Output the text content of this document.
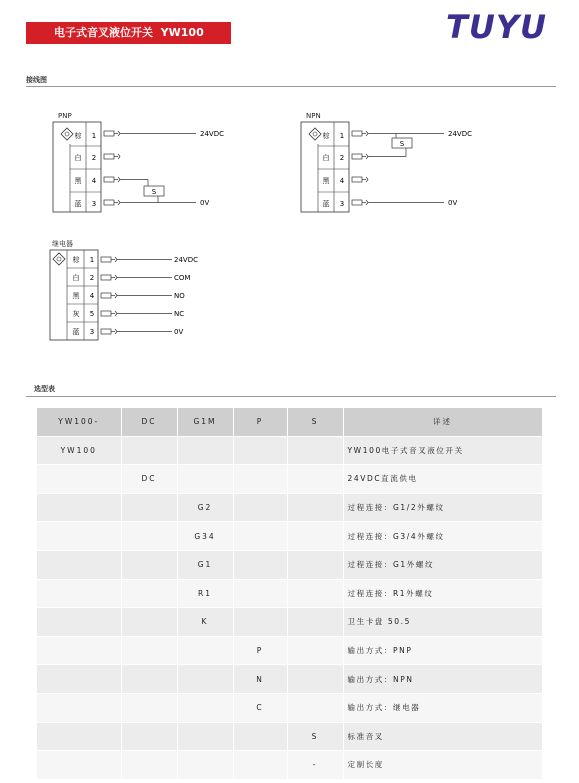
电子式音叉液位开关  YW100	TUYU
接线图
PNP
棕 1
白 2
黑 4
蓝 3
S
24VDC
0V
NPN
棕 1
白 2
黑 4
蓝 3
S
24VDC
0V
继电器
棕 1
白 2
黑 4
灰 5
蓝 3
24VDC
COM
NO
NC
0V
选型表
YW100-	DC	G1M	P	S	详述
YW100					YW100电子式音叉液位开关
	DC				24VDC直流供电
		G2			过程连接：G1/2外螺纹
		G34			过程连接：G3/4外螺纹
		G1			过程连接：G1外螺纹
		R1			过程连接：R1外螺纹
		K			卫生卡盘 50.5
			P		输出方式：PNP
			N		输出方式：NPN
			C		输出方式：继电器
				S	标准音叉
				-	定制长度
